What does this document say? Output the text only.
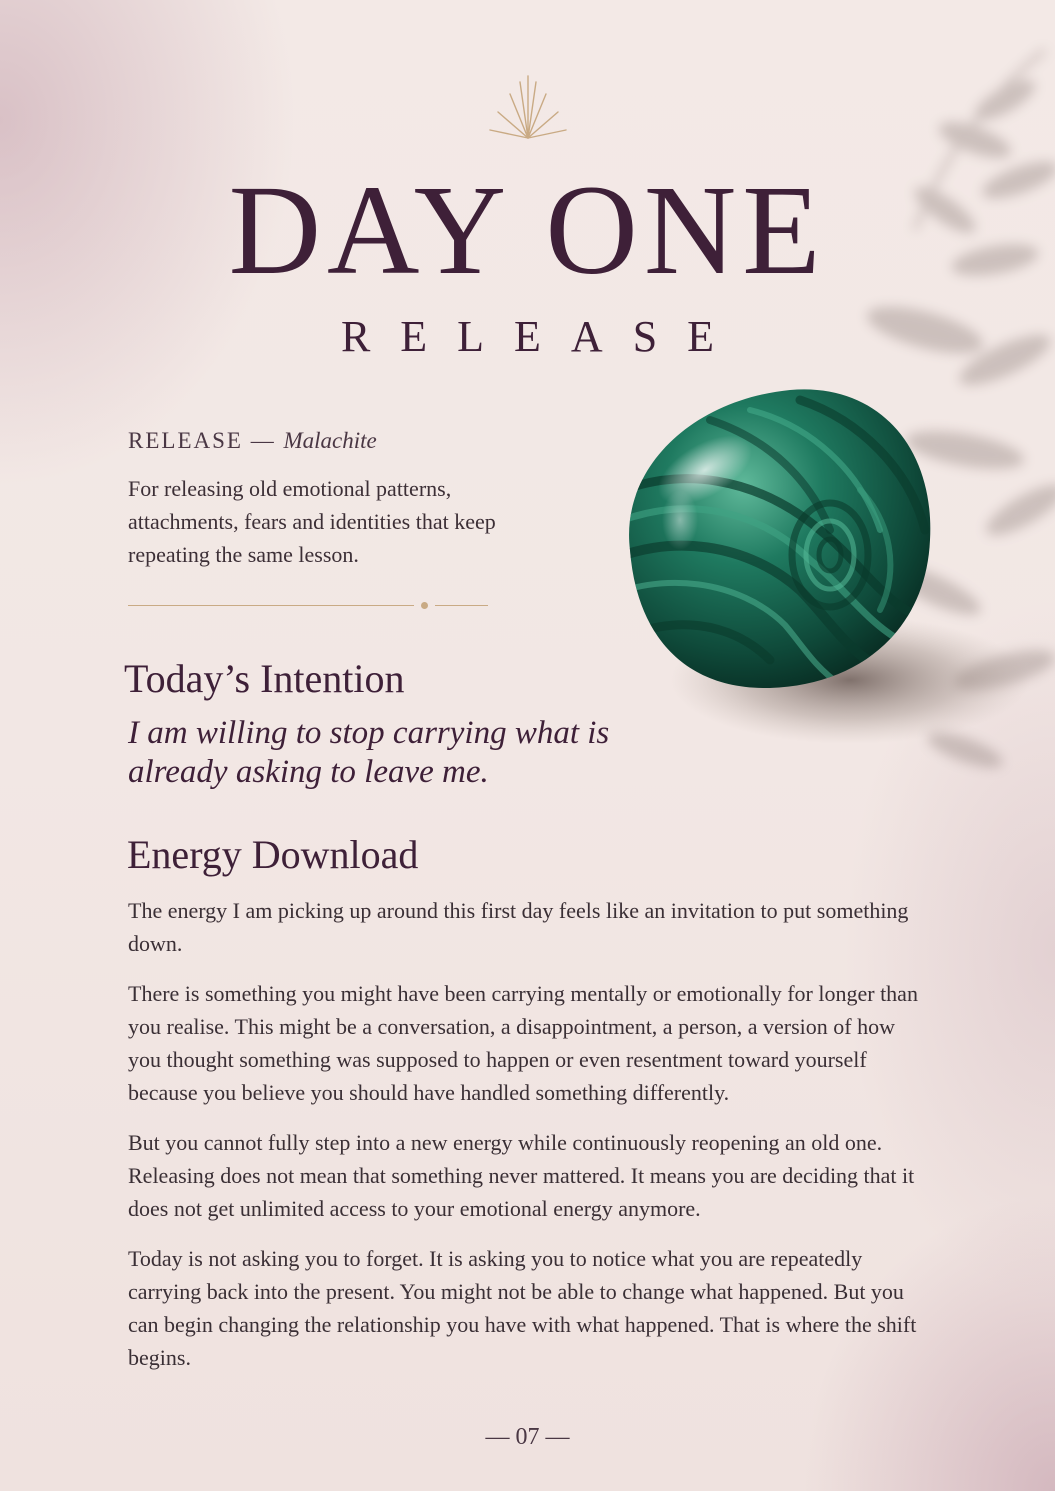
DAY ONE
RELEASE
RELEASE — Malachite
For releasing old emotional patterns, attachments, fears and identities that keep repeating the same lesson.
Today’s Intention
I am willing to stop carrying what is already asking to leave me.
Energy Download

The energy I am picking up around this first day feels like an invitation to put something down.

There is something you might have been carrying mentally or emotionally for longer than you realise. This might be a conversation, a disappointment, a person, a version of how you thought something was supposed to happen or even resentment toward yourself because you believe you should have handled something differently.

But you cannot fully step into a new energy while continuously reopening an old one. Releasing does not mean that something never mattered. It means you are deciding that it does not get unlimited access to your emotional energy anymore.

Today is not asking you to forget. It is asking you to notice what you are repeatedly carrying back into the present. You might not be able to change what happened. But you can begin changing the relationship you have with what happened. That is where the shift begins.

— 07 —
